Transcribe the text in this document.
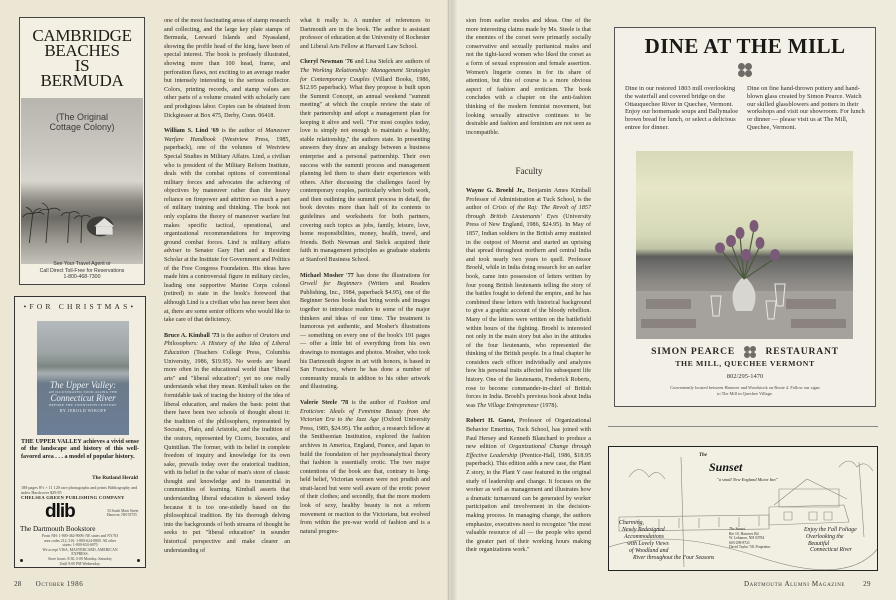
CAMBRIDGE
BEACHES
IS
BERMUDA
(The Original
Cottage Colony)
See Your Travel Agent or
Call Direct Toll-Free for Reservations
1-800-468-7300
•FOR CHRISTMAS•
The Upper Valley:
AN ILLUSTRATED TOUR ALONG THE
Connecticut River
BEFORE THE TWENTIETH CENTURY
BY JEROLD WIKOFF
THE UPPER VALLEY achieves a vivid sense of the landscape and history of this well-favored area . . . a model of popular history.
The Rutland Herald
188 pages 8½ × 11 120 rare photographs and prints Bibliography and index Hardcover $29.95
CHELSEA GREEN PUBLISHING COMPANY
dlib	33 South Main Street
Hanover, NH 03755
The Dartmouth Bookstore
From NH: 1-800-462-9009; NE states and NY/NJ
area codes 212, 516: 1-800-624-8800. All other
states: 1-800-654-6070
We accept VISA, MASTERCARD, AMERICAN
EXPRESS.
Store hours: 8:30–5:00 Monday–Saturday
Until 9:00 PM Wednesday.

one of the most fascinating areas of stamp research and collecting, and the large key plate stamps of Bermuda, Leeward Islands and Nyasaland, showing the profile head of the king, have been of special interest. The book is profusely illustrated, showing more than 100 head, frame, and perforation flaws, not exciting to an average reader but intensely interesting to the serious collector. Colors, printing records, and stamp values are other parts of a volume created with scholarly care and prodigious labor. Copies can be obtained from Dickgiesser at Box 475, Derby, Conn. 06418.

William S. Lind '69 is the author of Maneuver Warfare Handbook (Westview Press, 1985, paperback), one of the volumes of Westview Special Studies in Military Affairs. Lind, a civilian who is president of the Military Reform Institute, deals with the combat options of conventional military forces and advocates the achieving of objectives by maneuver rather than the heavy reliance on firepower and attrition so much a part of military training and thinking. The book not only explains the theory of maneuver warfare but makes specific tactical, operational, and organizational recommendations for improving ground combat forces. Lind is military affairs adviser to Senator Gary Hart and a Resident Scholar at the Institute for Government and Politics of the Free Congress Foundation. His ideas have made him a controversial figure in military circles, leading one supportive Marine Corps colonel (retired) to state in the book's foreword that although Lind is a civilian who has never been shot at, there are some senior officers who would like to take care of that deficiency.

Bruce A. Kimball '73 is the author of Orators and Philosophers: A History of the Idea of Liberal Education (Teachers College Press, Columbia University, 1986, $19.95). No words are heard more often in the educational world than "liberal arts" and "liberal education"; yet no one really understands what they mean. Kimball takes on the formidable task of tracing the history of the idea of liberal education, and makes the basic point that there have been two schools of thought about it: the tradition of the philosophers, represented by Socrates, Plato, and Aristotle, and the tradition of the orators, represented by Cicero, Isocrates, and Quintilian. The former, with its belief in complete freedom of inquiry and knowledge for its own sake, prevails today over the oratorical tradition, with its belief in the value of man's store of classic thought and knowledge and its transmittal in communities of learning. Kimball asserts that understanding liberal education is skewed today because it is too one-sidedly based on the philosophical tradition. By his thorough delving into the backgrounds of both streams of thought he seeks to put "liberal education" in sounder historical perspective and make clearer an understanding of

what it really is. A number of references to Dartmouth are in the book. The author is assistant professor of education at the University of Rochester and Liberal Arts Fellow at Harvard Law School.

Cheryl Newman '76 and Lisa Stelck are authors of The Working Relationship: Management Strategies for Contemporary Couples (Villard Books, 1986, $12.95 paperback). What they propose is built upon the Summit Concept, an annual weekend "summit meeting" at which the couple review the state of their partnership and adopt a management plan for keeping it alive and well. "For most couples today, love is simply not enough to maintain a healthy, stable relationship," the authors state. In presenting answers they draw an analogy between a business enterprise and a personal partnership. Their own success with the summit process and management planning led them to share their experiences with others. After discussing the challenges faced by contemporary couples, particularly when both work, and then outlining the summit process in detail, the book devotes more than half of its contents to guidelines and worksheets for both partners, covering such topics as jobs, family, leisure, love, home responsibilities, money, health, travel, and friends. Both Newman and Stelck acquired their faith in management principles as graduate students at Stanford Business School.

Michael Mosher '77 has done the illustrations for Orwell for Beginners (Writers and Readers Publishing, Inc., 1984, paperback $4.95), one of the Beginner Series books that bring words and images together to introduce readers to some of the major thinkers and ideas of our time. The treatment is humorous yet authentic, and Mosher's illustrations — something on every one of the book's 191 pages — offer a little bit of everything from his own drawings to montages and photos. Mosher, who took his Dartmouth degree in art with honors, is based in San Francisco, where he has done a number of community murals in additon to his other artwork and illustrating.

Valerie Steele '78 is the author of Fashion and Eroticism: Ideals of Feminine Beauty from the Victorian Era to the Jazz Age (Oxford University Press, 1985, $24.95). The author, a research fellow at the Smithsonian Institution, explored the fashion archives in America, England, France, and Japan to build the foundation of her psychoanalytical theory that fashion is essentially erotic. The two major contentions of the book are that, contrary to long-held belief, Victorian women were not prudish and strait-laced but were well aware of the erotic power of their clothes; and secondly, that the more modern look of sexy, healthy beauty is not a reform movement or reaction to the Victorians, but evolved from within the pre-war world of fashion and is a natural progres-

28 October 1986

sion from earlier modes and ideas. One of the more interesting claims made by Ms. Steele is that the enemies of the corset were primarily socially conservative and sexually puritanical males and not the tight-laced women who liked the corset as a form of sexual expression and female assertion. Women's lingerie comes in for its share of attention, but this of course is a more obvious aspect of fashion and eroticism. The book concludes with a chapter on the anti-fashion thinking of the modern feminist movement, but looking sexually attractive continues to be desirable and fashion and feminism are not seen as incompatible.

Faculty

Wayne G. Broehl Jr., Benjamin Ames Kimball Professor of Administration at Tuck School, is the author of Crisis of the Raj: The Revolt of 1857 through British Lieutenants' Eyes (University Press of New England, 1986, $24.95). In May of 1857, Indian soldiers in the British army mutinied in the outpost of Meerut and started an uprising that spread throughout northern and central India and took nearly two years to quell. Professor Broehl, while in India doing research for an earlier book, came into possession of letters written by four young British lieutenants telling the story of the battles fought to defend the empire, and he has combined these letters with historical background to give a graphic account of the bloody rebellion. Many of the letters were written on the battlefield within hours of the fighting. Broehl is interested not only in the main story but also in the attitudes of the four lieutenants, who represented the thinking of the British people. In a final chapter he considers each officer individually and analyzes how his personal traits affected his subsequent life history. One of the lieutenants, Frederick Roberts, rose to become commander-in-chief of British forces in India. Broehl's previous book about India was The Village Entrepreneur (1978).

Robert H. Guest, Professor of Organizational Behavior Emeritus, Tuck School, has joined with Paul Hersey and Kenneth Blanchard to produce a new edition of Organizational Change through Effective Leadership (Prentice-Hall, 1986, $18.95 paperback). This edition adds a new case, the Plant Z story, to the Plant Y case featured in the original study of leadership and change. It focuses on the worker as well as management and illustrates how a dramatic turnaround can be generated by worker participation and involvement in the decision-making process. In managing change, the authors emphasize, executives need to recognize "the most valuable resource of all — the people who spend the greater part of their working hours making their organizations work."

DINE AT THE MILL
Dine in our restored 1803 mill overlooking the waterfall and covered bridge on the Ottauquechee River in Quechee, Vermont. Enjoy our homemade soups and Ballymaloe brown bread for lunch, or select a delicious entree for dinner.
Dine on fine hand-thrown pottery and hand-blown glass created by Simon Pearce. Watch our skilled glassblowers and potters in their workshops and visit our showroom. For lunch or dinner — please visit us at The Mill, Quechee, Vermont.
SIMON PEARCE	RESTAURANT
THE MILL, QUECHEE VERMONT
802/295-1470
Conveniently located between Hanover and Woodstock on Route 4. Follow our signs
to The Mill in Quechee Village.
The
Sunset
"a small New England Motor Inn"
Charming,
Newly Redesigned
Accommodations
with Lovely Views
of Woodland and
River throughout the Four Seasons
The Sunset
Rte 10, Hanover Rd
W. Lebanon, NH 03784
603-298-8721
David Taylor '58, Proprietor
Enjoy the Fall Foliage
Overlooking the
Beautiful
Connecticut River
Dartmouth Alumni Magazine	29
